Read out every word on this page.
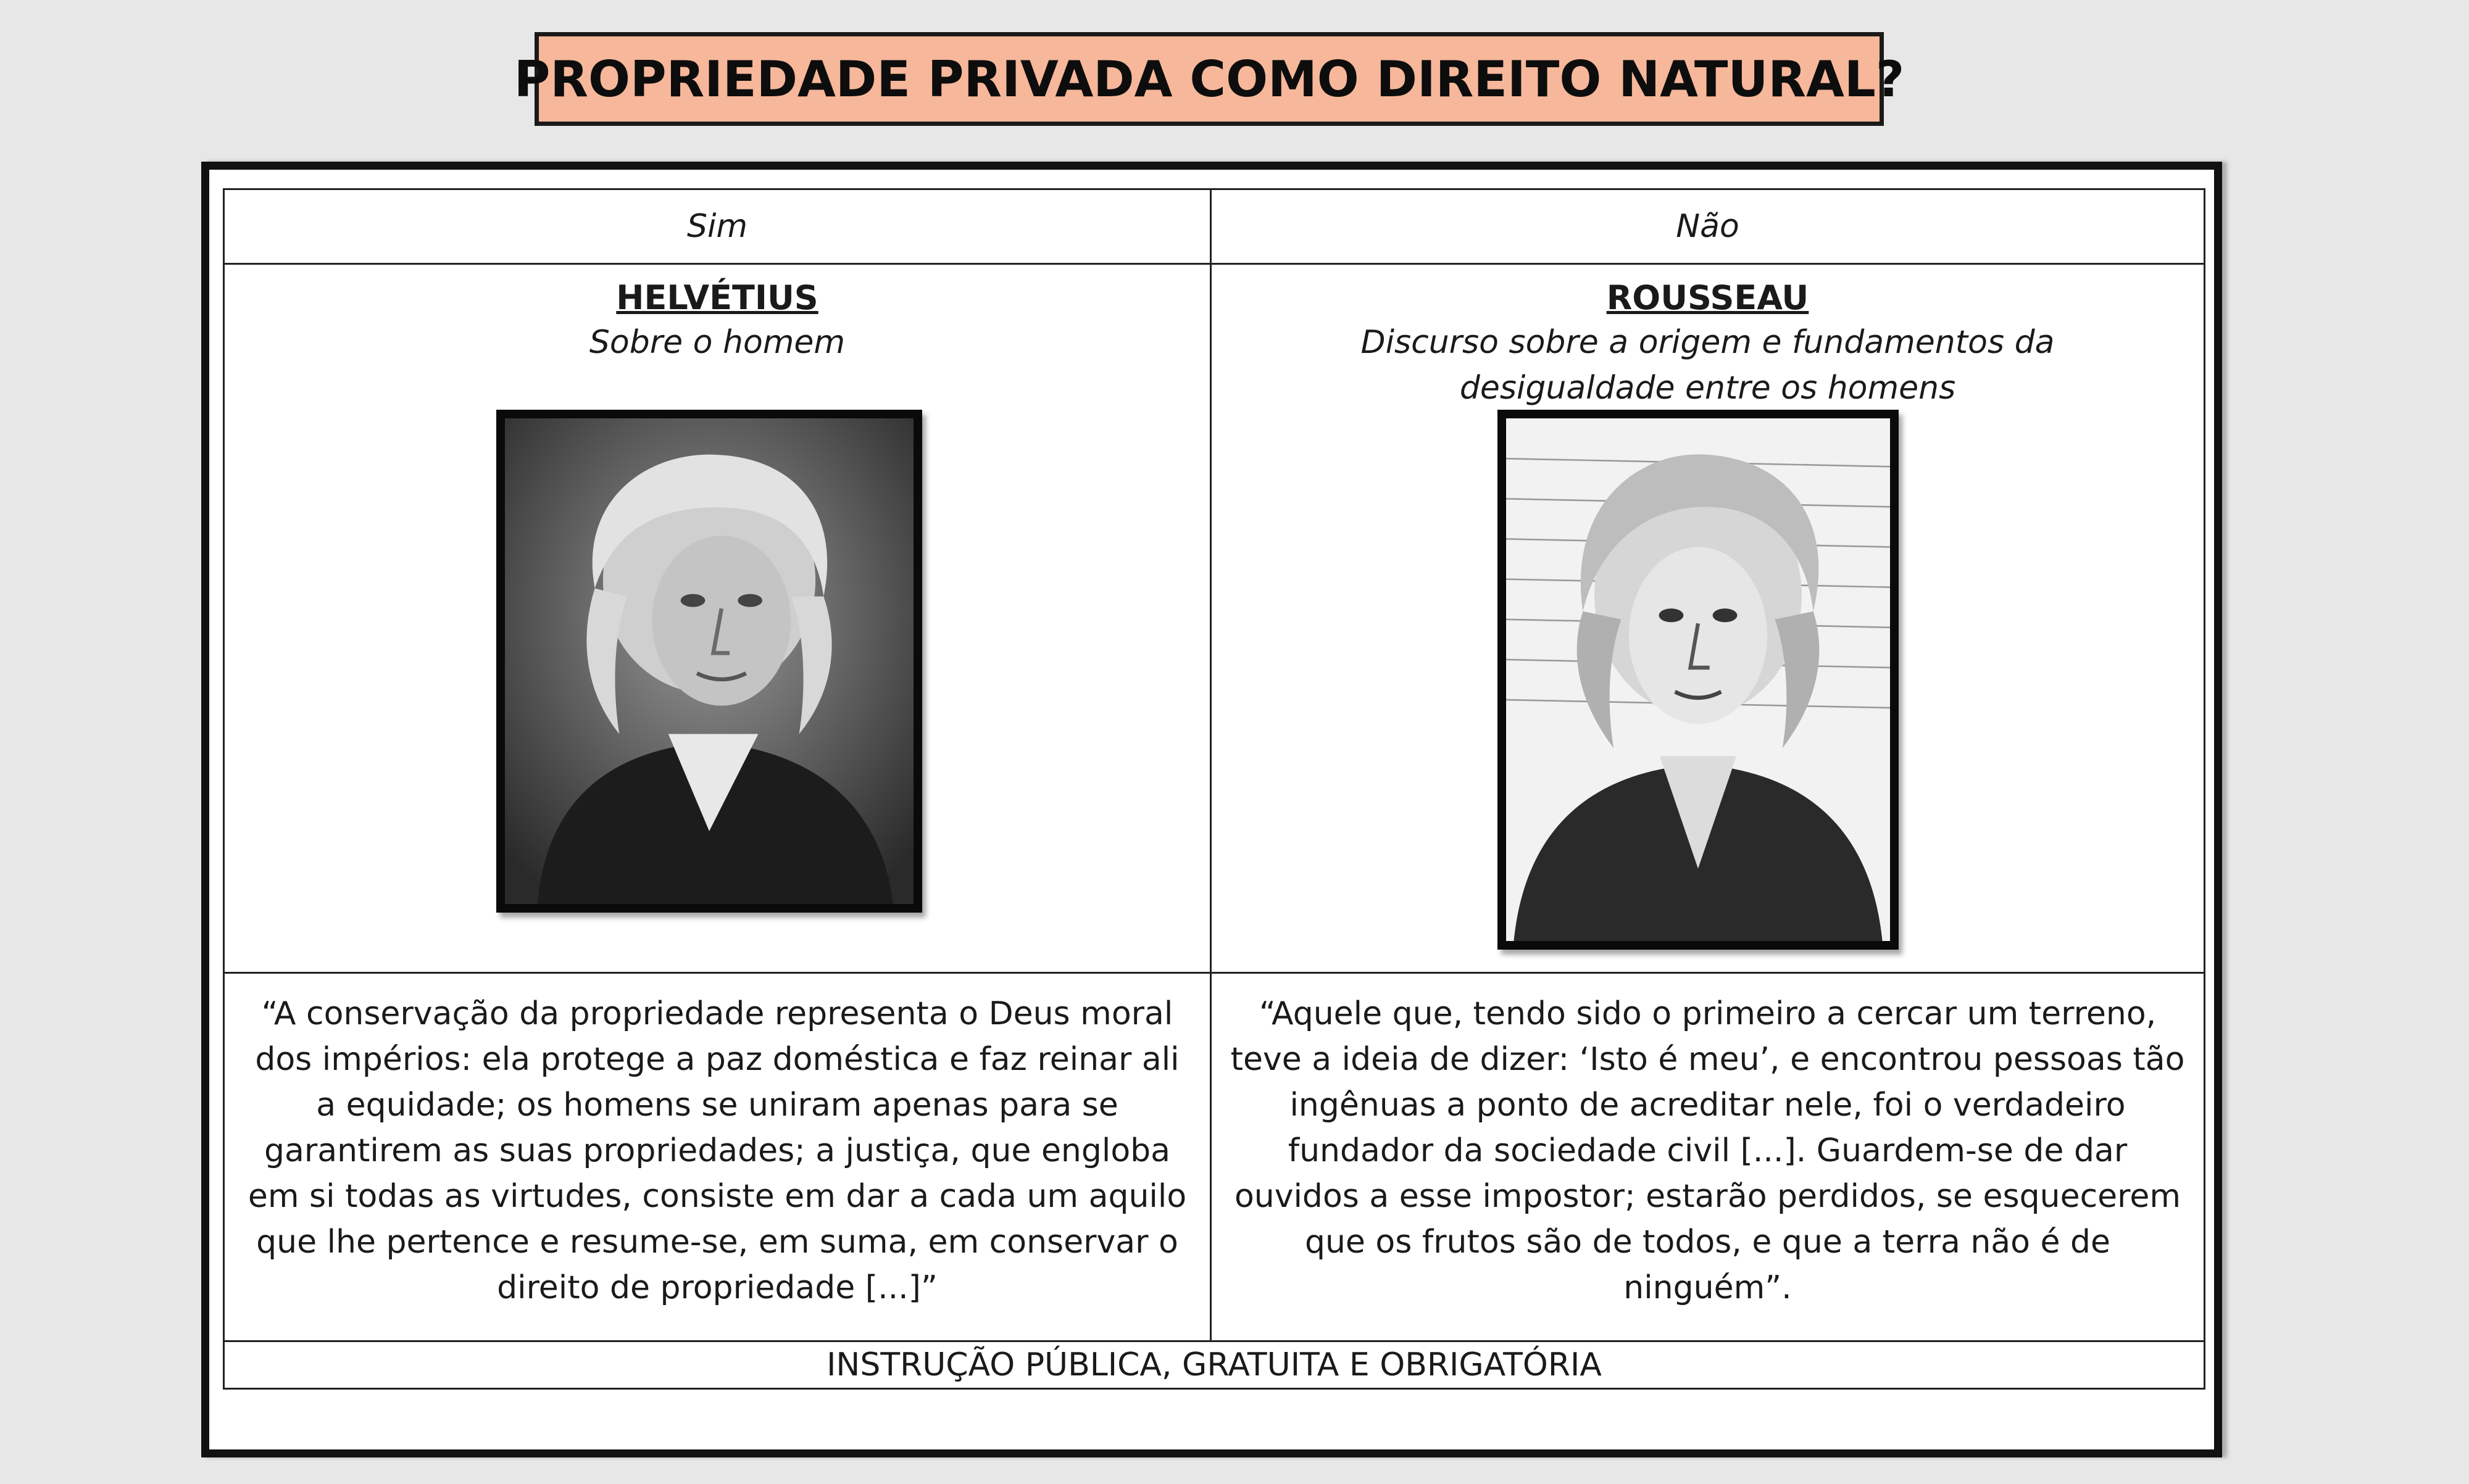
PROPRIEDADE PRIVADA COMO DIREITO NATURAL?
Sim	Não
HELVÉTIUS
Sobre o homem
ROUSSEAU
Discurso sobre a origem e fundamentos da desigualdade entre os homens
“A conservação da propriedade representa o Deus moral dos impérios: ela protege a paz doméstica e faz reinar ali a equidade; os homens se uniram apenas para se garantirem as suas propriedades; a justiça, que engloba em si todas as virtudes, consiste em dar a cada um aquilo que lhe pertence e resume-se, em suma, em conservar o direito de propriedade [...]”
“Aquele que, tendo sido o primeiro a cercar um terreno, teve a ideia de dizer: ‘Isto é meu’, e encontrou pessoas tão ingênuas a ponto de acreditar nele, foi o verdadeiro fundador da sociedade civil [...]. Guardem-se de dar ouvidos a esse impostor; estarão perdidos, se esquecerem que os frutos são de todos, e que a terra não é de ninguém”.
INSTRUÇÃO PÚBLICA, GRATUITA E OBRIGATÓRIA
